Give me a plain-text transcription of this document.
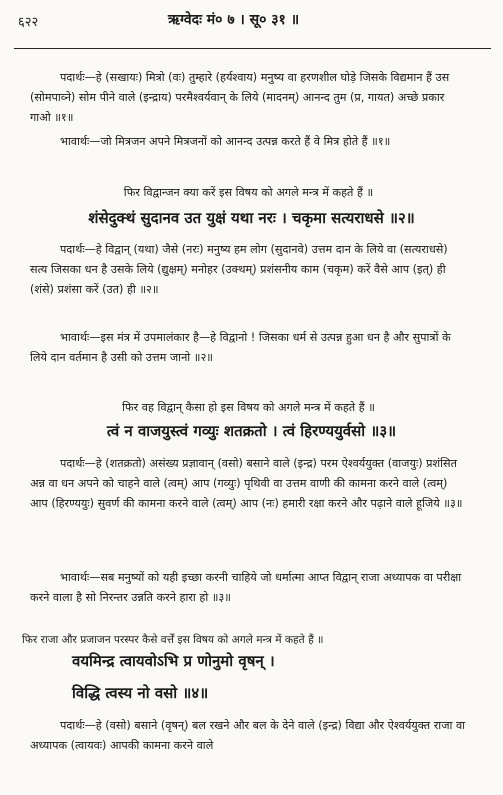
६२२	ऋग्वेदः मं० ७ । सू० ३१ ॥
पदार्थः—हे (सखायः) मित्रो (वः) तुम्हारे (हर्यश्वाय) मनुष्य वा हरणशील घोड़े जिसके विद्यमान हैं उस (सोमपाव्ने) सोम पीने वाले (इन्द्राय) परमैश्वर्यवान् के लिये (मादनम्) आनन्द तुम (प्र, गायत) अच्छे प्रकार गाओ ॥१॥
भावार्थः—जो मित्रजन अपने मित्रजनों को आनन्द उत्पन्न करते हैं वे मित्र होते हैं ॥१॥
फिर विद्वान्जन क्या करें इस विषय को अगले मन्त्र में कहते हैं ॥
शंसेदुक्थं सुदानव उत युक्षं यथा नरः । चकृमा सत्यराधसे ॥२॥
पदार्थः—हे विद्वान् (यथा) जैसे (नरः) मनुष्य हम लोग (सुदानवे) उत्तम दान के लिये वा (सत्यराधसे) सत्य जिसका धन है उसके लिये (द्युक्षम्) मनोहर (उक्थम्) प्रशंसनीय काम (चकृम) करें वैसे आप (इत्) ही (शंसे) प्रशंसा करें (उत) ही ॥२॥
भावार्थः—इस मंत्र में उपमालंकार है—हे विद्वानो ! जिसका धर्म से उत्पन्न हुआ धन है और सुपात्रों के लिये दान वर्तमान है उसी को उत्तम जानो ॥२॥
फिर वह विद्वान् कैसा हो इस विषय को अगले मन्त्र में कहते हैं ॥
त्वं न वाजयुस्त्वं गव्युः शतक्रतो । त्वं हिरण्ययुर्वसो ॥३॥
पदार्थः—हे (शतक्रतो) असंख्य प्रज्ञावान् (वसो) बसाने वाले (इन्द्र) परम ऐश्वर्ययुक्त (वाजयुः) प्रशंसित अन्न वा धन अपने को चाहने वाले (त्वम्) आप (गव्युः) पृथिवी वा उत्तम वाणी की कामना करने वाले (त्वम्) आप (हिरण्ययुः) सुवर्ण की कामना करने वाले (त्वम्) आप (नः) हमारी रक्षा करने और पढ़ाने वाले हूजिये ॥३॥
भावार्थः—सब मनुष्यों को यही इच्छा करनी चाहिये जो धर्मात्मा आप्त विद्वान् राजा अध्यापक वा परीक्षा करने वाला है सो निरन्तर उन्नति करने हारा हो ॥३॥
फिर राजा और प्रजाजन परस्पर कैसे वर्त्तें इस विषय को अगले मन्त्र में कहते हैं ॥
वयमिन्द्र त्वायवोऽभि प्र णोनुमो वृषन् ।
विद्धि त्वस्य नो वसो ॥४॥
पदार्थः—हे (वसो) बसाने (वृषन्) बल रखने और बल के देने वाले (इन्द्र) विद्या और ऐश्वर्ययुक्त राजा वा अध्यापक (त्वायवः) आपकी कामना करने वाले
